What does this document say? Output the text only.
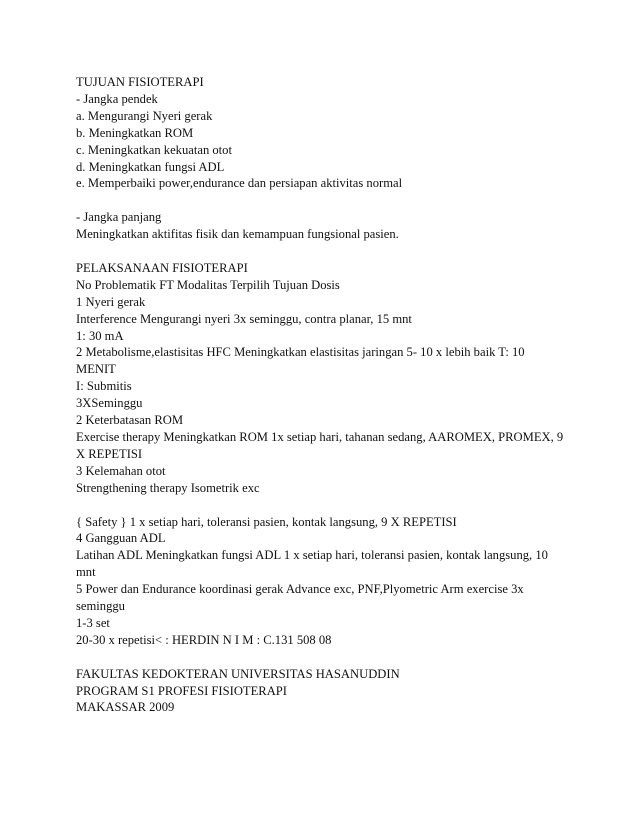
TUJUAN FISIOTERAPI
- Jangka pendek
a. Mengurangi Nyeri gerak
b. Meningkatkan ROM
c. Meningkatkan kekuatan otot
d. Meningkatkan fungsi ADL
e. Memperbaiki power,endurance dan persiapan aktivitas normal
- Jangka panjang
Meningkatkan aktifitas fisik dan kemampuan fungsional pasien.
PELAKSANAAN FISIOTERAPI
No Problematik FT Modalitas Terpilih Tujuan Dosis
1 Nyeri gerak
Interference Mengurangi nyeri 3x seminggu, contra planar, 15 mnt
1: 30 mA
2 Metabolisme,elastisitas HFC Meningkatkan elastisitas jaringan 5- 10 x lebih baik T: 10
MENIT
I: Submitis
3XSeminggu
2 Keterbatasan ROM
Exercise therapy Meningkatkan ROM 1x setiap hari, tahanan sedang, AAROMEX, PROMEX, 9
X REPETISI
3 Kelemahan otot
Strengthening therapy Isometrik exc
{ Safety } 1 x setiap hari, toleransi pasien, kontak langsung, 9 X REPETISI
4 Gangguan ADL
Latihan ADL Meningkatkan fungsi ADL 1 x setiap hari, toleransi pasien, kontak langsung, 10
mnt
5 Power dan Endurance koordinasi gerak Advance exc, PNF,Plyometric Arm exercise 3x
seminggu
1-3 set
20-30 x repetisi< : HERDIN N I M : C.131 508 08
FAKULTAS KEDOKTERAN UNIVERSITAS HASANUDDIN
PROGRAM S1 PROFESI FISIOTERAPI
MAKASSAR 2009
